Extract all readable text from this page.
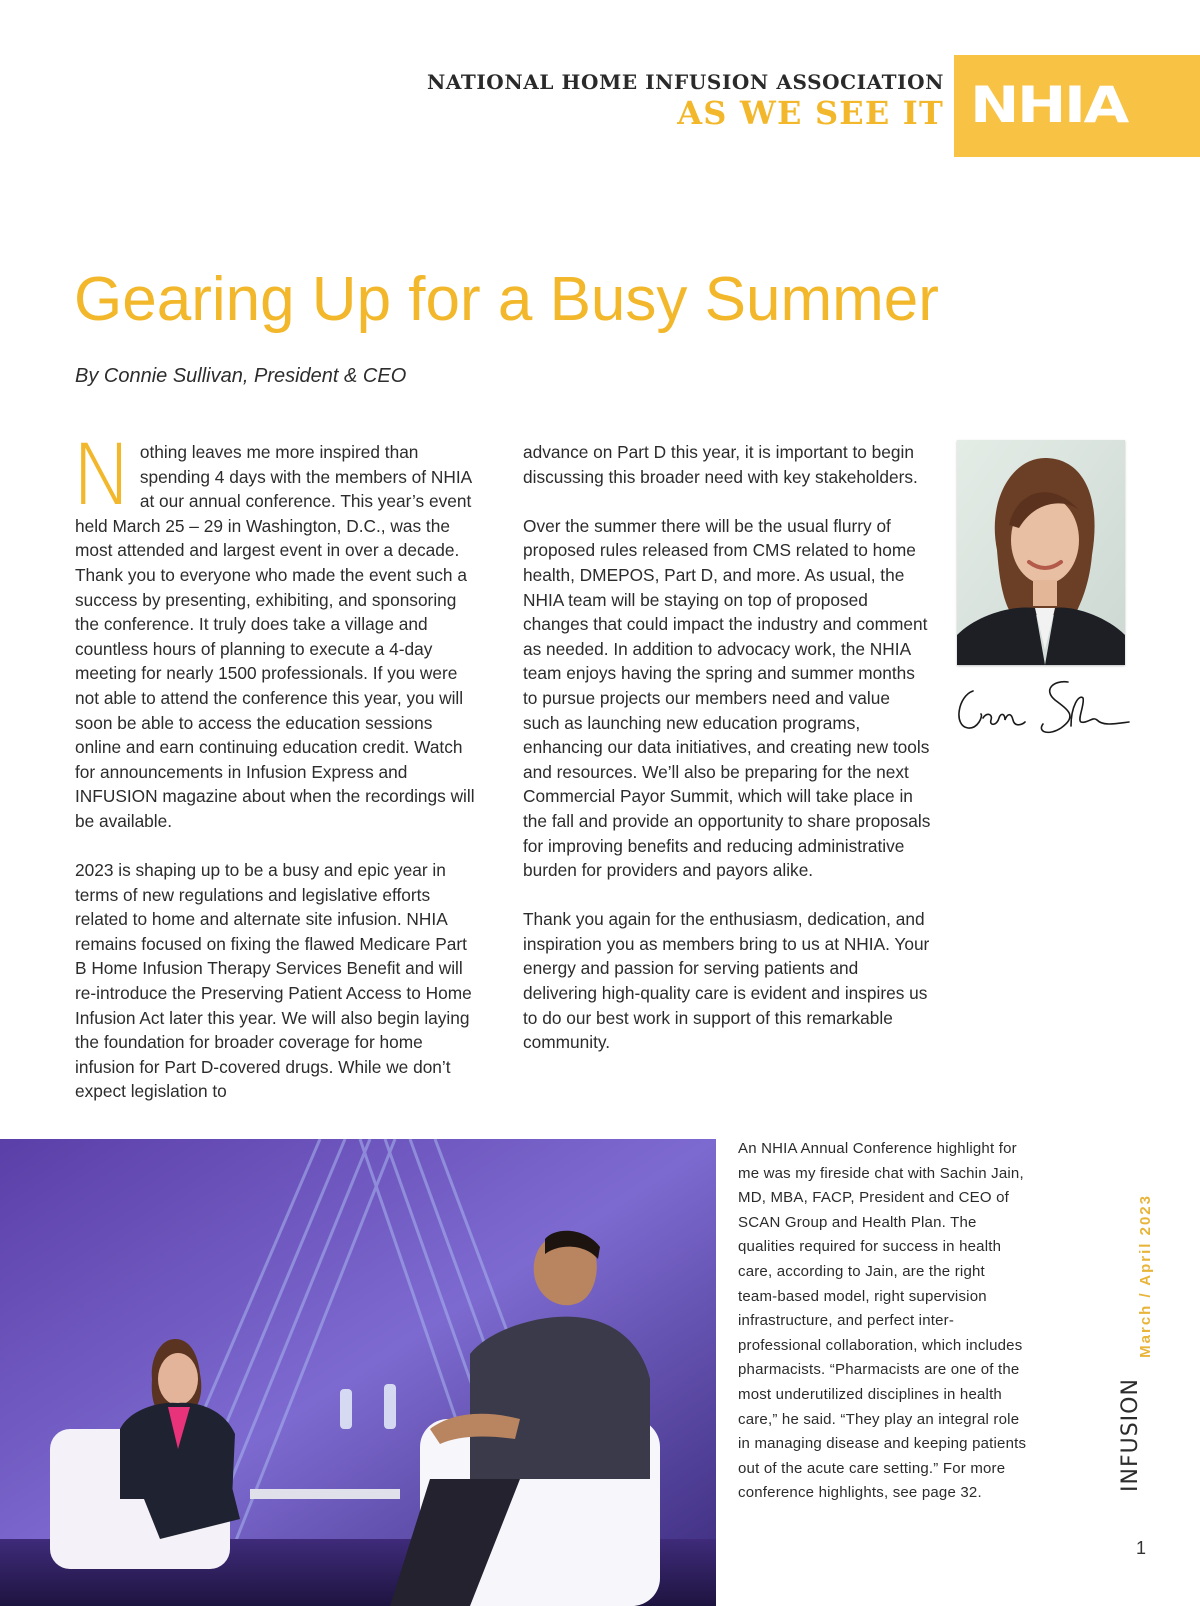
NATIONAL HOME INFUSION ASSOCIATION
AS WE SEE IT NHIA
Gearing Up for a Busy Summer
By Connie Sullivan, President & CEO

Nothing leaves me more inspired than spending 4 days with the members of NHIA at our annual conference. This year’s event held March 25 – 29 in Washington, D.C., was the most attended and largest event in over a decade. Thank you to everyone who made the event such a success by presenting, exhibiting, and sponsoring the conference. It truly does take a village and countless hours of planning to execute a 4-day meeting for nearly 1500 professionals. If you were not able to attend the conference this year, you will soon be able to access the education sessions online and earn continuing education credit. Watch for announcements in Infusion Express and INFUSION magazine about when the recordings will be available.

2023 is shaping up to be a busy and epic year in terms of new regulations and legislative efforts related to home and alternate site infusion. NHIA remains focused on fixing the flawed Medicare Part B Home Infusion Therapy Services Benefit and will re-introduce the Preserving Patient Access to Home Infusion Act later this year. We will also begin laying the foundation for broader coverage for home infusion for Part D-covered drugs. While we don’t expect legislation to

advance on Part D this year, it is important to begin discussing this broader need with key stakeholders.

Over the summer there will be the usual flurry of proposed rules released from CMS related to home health, DMEPOS, Part D, and more. As usual, the NHIA team will be staying on top of proposed changes that could impact the industry and comment as needed. In addition to advocacy work, the NHIA team enjoys having the spring and summer months to pursue projects our members need and value such as launching new education programs, enhancing our data initiatives, and creating new tools and resources. We’ll also be preparing for the next Commercial Payor Summit, which will take place in the fall and provide an opportunity to share proposals for improving benefits and reducing administrative burden for providers and payors alike.

Thank you again for the enthusiasm, dedication, and inspiration you as members bring to us at NHIA. Your energy and passion for serving patients and delivering high-quality care is evident and inspires us to do our best work in support of this remarkable community.

An NHIA Annual Conference highlight for me was my fireside chat with Sachin Jain, MD, MBA, FACP, President and CEO of SCAN Group and Health Plan. The qualities required for success in health care, according to Jain, are the right team-based model, right supervision infrastructure, and perfect inter-professional collaboration, which includes pharmacists. “Pharmacists are one of the most underutilized disciplines in health care,” he said. “They play an integral role in managing disease and keeping patients out of the acute care setting.” For more conference highlights, see page 32.

March / April 2023
INFUSION
1
